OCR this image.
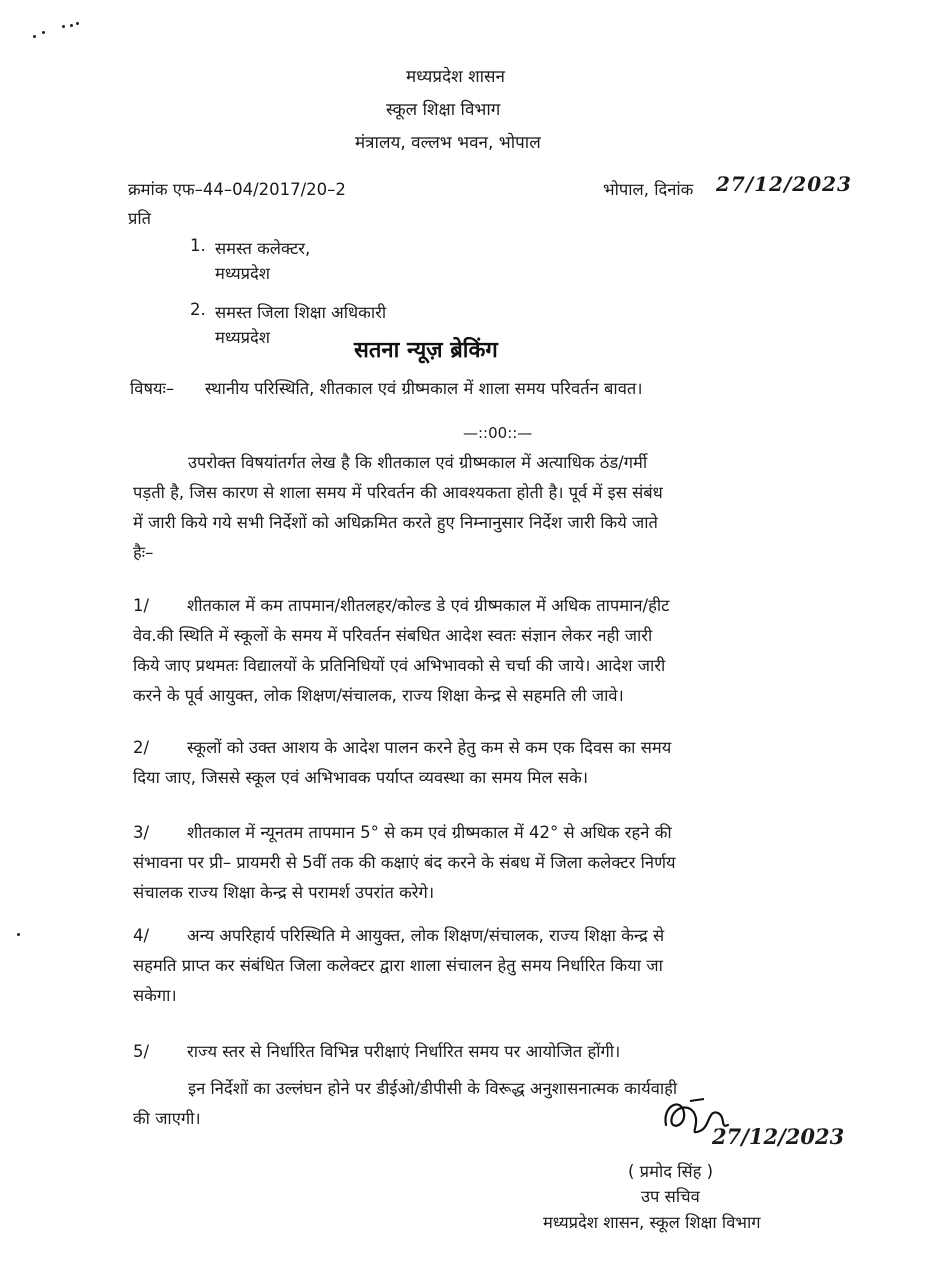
मध्यप्रदेश शासन
स्कूल शिक्षा विभाग
मंत्रालय, वल्लभ भवन, भोपाल
क्रमांक एफ–44–04/2017/20–2	भोपाल, दिनांक 27/12/2023
प्रति
1. समस्त कलेक्टर,
मध्यप्रदेश
2. समस्त जिला शिक्षा अधिकारी
मध्यप्रदेश
सतना न्यूज़ ब्रेकिंग
विषयः– स्थानीय परिस्थिति, शीतकाल एवं ग्रीष्मकाल में शाला समय परिवर्तन बावत।
—::00::—
उपरोक्त विषयांतर्गत लेख है कि शीतकाल एवं ग्रीष्मकाल में अत्याधिक ठंड/गर्मी
पड़ती है, जिस कारण से शाला समय में परिवर्तन की आवश्यकता होती है। पूर्व में इस संबंध
में जारी किये गये सभी निर्देशों को अधिक्रमित करते हुए निम्नानुसार निर्देश जारी किये जाते
हैः–
1/ शीतकाल में कम तापमान/शीतलहर/कोल्ड डे एवं ग्रीष्मकाल में अधिक तापमान/हीट
वेव.की स्थिति में स्कूलों के समय में परिवर्तन संबधित आदेश स्वतः संज्ञान लेकर नही जारी
किये जाए प्रथमतः विद्यालयों के प्रतिनिधियों एवं अभिभावको से चर्चा की जाये। आदेश जारी
करने के पूर्व आयुक्त, लोक शिक्षण/संचालक, राज्य शिक्षा केन्द्र से सहमति ली जावे।
2/ स्कूलों को उक्त आशय के आदेश पालन करने हेतु कम से कम एक दिवस का समय
दिया जाए, जिससे स्कूल एवं अभिभावक पर्याप्त व्यवस्था का समय मिल सके।
3/ शीतकाल में न्यूनतम तापमान 5° से कम एवं ग्रीष्मकाल में 42° से अधिक रहने की
संभावना पर प्री– प्रायमरी से 5वीं तक की कक्षाएं बंद करने के संबध में जिला कलेक्टर निर्णय
संचालक राज्य शिक्षा केन्द्र से परामर्श उपरांत करेगे।
4/ अन्य अपरिहार्य परिस्थिति मे आयुक्त, लोक शिक्षण/संचालक, राज्य शिक्षा केन्द्र से
सहमति प्राप्त कर संबंधित जिला कलेक्टर द्वारा शाला संचालन हेतु समय निर्धारित किया जा
सकेगा।
5/ राज्य स्तर से निर्धारित विभिन्न परीक्षाएं निर्धारित समय पर आयोजित होंगी।
इन निर्देशों का उल्लंघन होने पर डीईओ/डीपीसी के विरूद्ध अनुशासनात्मक कार्यवाही
की जाएगी।
27/12/2023
( प्रमोद सिंह )
उप सचिव
मध्यप्रदेश शासन, स्कूल शिक्षा विभाग
